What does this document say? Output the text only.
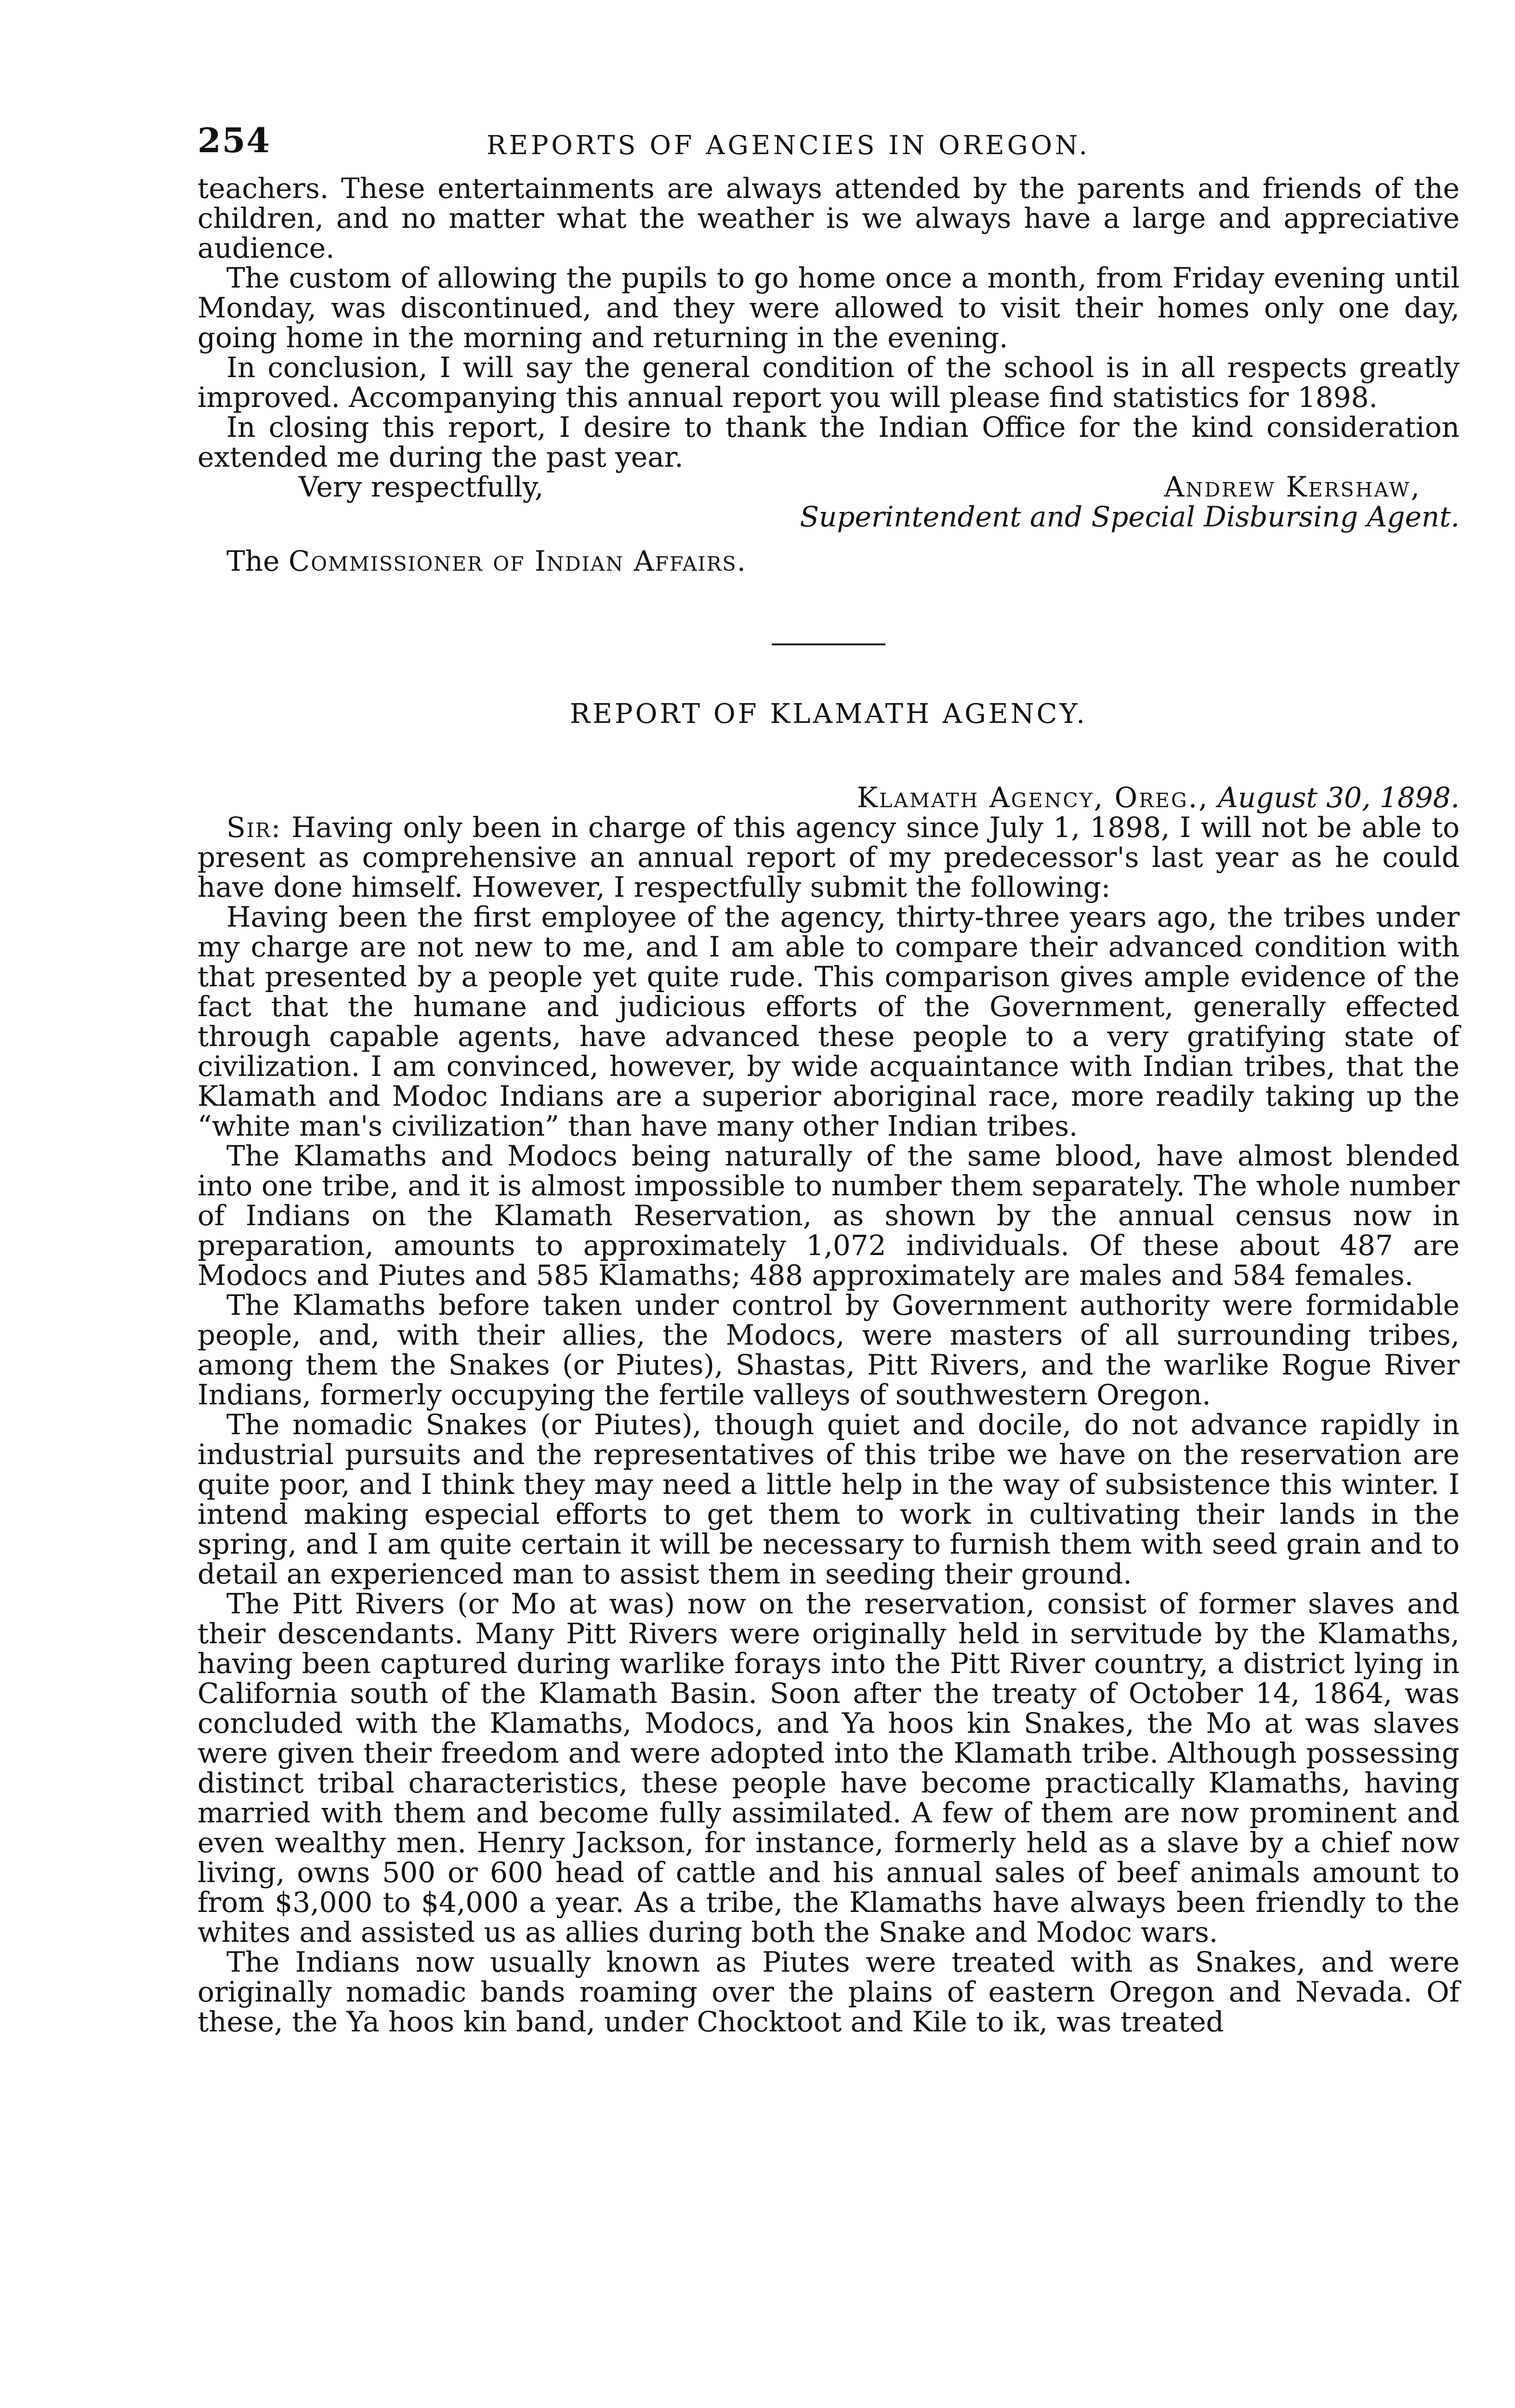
254	REPORTS OF AGENCIES IN OREGON.

teachers. These entertainments are always attended by the parents and friends of the children, and no matter what the weather is we always have a large and appreciative audience.

The custom of allowing the pupils to go home once a month, from Friday evening until Monday, was discontinued, and they were allowed to visit their homes only one day, going home in the morning and returning in the evening.

In conclusion, I will say the general condition of the school is in all respects greatly improved. Accompanying this annual report you will please find statistics for 1898.

In closing this report, I desire to thank the Indian Office for the kind consideration extended me during the past year.

Very respectfully,	Andrew Kershaw,
Superintendent and Special Disbursing Agent.
The Commissioner of Indian Affairs.
REPORT OF KLAMATH AGENCY.
Klamath Agency, Oreg., August 30, 1898.

Sir: Having only been in charge of this agency since July 1, 1898, I will not be able to present as comprehensive an annual report of my predecessor's last year as he could have done himself. However, I respectfully submit the following:

Having been the first employee of the agency, thirty-three years ago, the tribes under my charge are not new to me, and I am able to compare their advanced condition with that presented by a people yet quite rude. This comparison gives ample evidence of the fact that the humane and judicious efforts of the Government, generally effected through capable agents, have advanced these people to a very gratifying state of civilization. I am convinced, however, by wide acquaintance with Indian tribes, that the Klamath and Modoc Indians are a superior aboriginal race, more readily taking up the “white man's civilization” than have many other Indian tribes.

The Klamaths and Modocs being naturally of the same blood, have almost blended into one tribe, and it is almost impossible to number them separately. The whole number of Indians on the Klamath Reservation, as shown by the annual census now in preparation, amounts to approximately 1,072 individuals. Of these about 487 are Modocs and Piutes and 585 Klamaths; 488 approximately are males and 584 females.

The Klamaths before taken under control by Government authority were formidable people, and, with their allies, the Modocs, were masters of all surrounding tribes, among them the Snakes (or Piutes), Shastas, Pitt Rivers, and the warlike Rogue River Indians, formerly occupying the fertile valleys of southwestern Oregon.

The nomadic Snakes (or Piutes), though quiet and docile, do not advance rapidly in industrial pursuits and the representatives of this tribe we have on the reservation are quite poor, and I think they may need a little help in the way of subsistence this winter. I intend making especial efforts to get them to work in cultivating their lands in the spring, and I am quite certain it will be necessary to furnish them with seed grain and to detail an experienced man to assist them in seeding their ground.

The Pitt Rivers (or Mo at was) now on the reservation, consist of former slaves and their descendants. Many Pitt Rivers were originally held in servitude by the Klamaths, having been captured during warlike forays into the Pitt River country, a district lying in California south of the Klamath Basin. Soon after the treaty of October 14, 1864, was concluded with the Klamaths, Modocs, and Ya hoos kin Snakes, the Mo at was slaves were given their freedom and were adopted into the Klamath tribe. Although possessing distinct tribal characteristics, these people have become practically Klamaths, having married with them and become fully assimilated. A few of them are now prominent and even wealthy men. Henry Jackson, for instance, formerly held as a slave by a chief now living, owns 500 or 600 head of cattle and his annual sales of beef animals amount to from $3,000 to $4,000 a year. As a tribe, the Klamaths have always been friendly to the whites and assisted us as allies during both the Snake and Modoc wars.

The Indians now usually known as Piutes were treated with as Snakes, and were originally nomadic bands roaming over the plains of eastern Oregon and Nevada. Of these, the Ya hoos kin band, under Chocktoot and Kile to ik, was treated
